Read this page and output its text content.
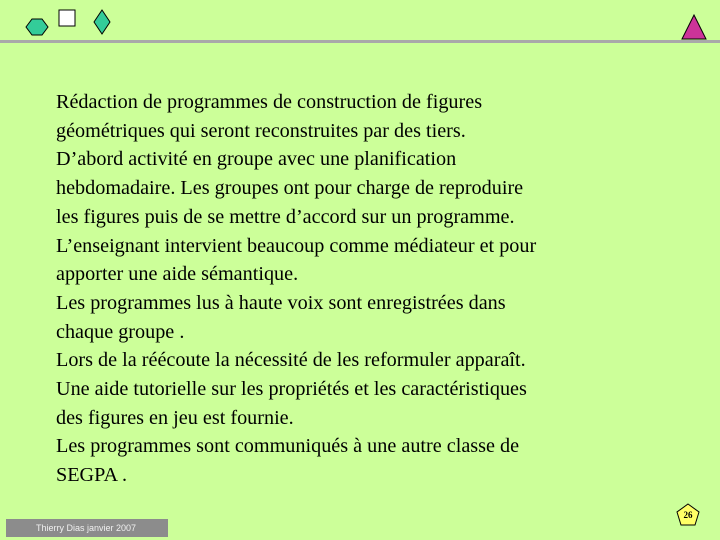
Rédaction de programmes de construction de figures
géométriques qui seront reconstruites par des tiers.
D’abord activité en groupe avec une planification
hebdomadaire. Les groupes ont pour charge de reproduire
les figures puis de se mettre d’accord sur un programme.
L’enseignant intervient beaucoup comme médiateur et pour
apporter une aide sémantique.
Les programmes lus à haute voix sont enregistrées dans
chaque groupe .
Lors de la réécoute la nécessité de les reformuler apparaît.
Une aide tutorielle sur les propriétés et les caractéristiques
des figures en jeu est fournie.
Les programmes sont communiqués à une autre classe de
SEGPA .
Thierry Dias janvier 2007
26
